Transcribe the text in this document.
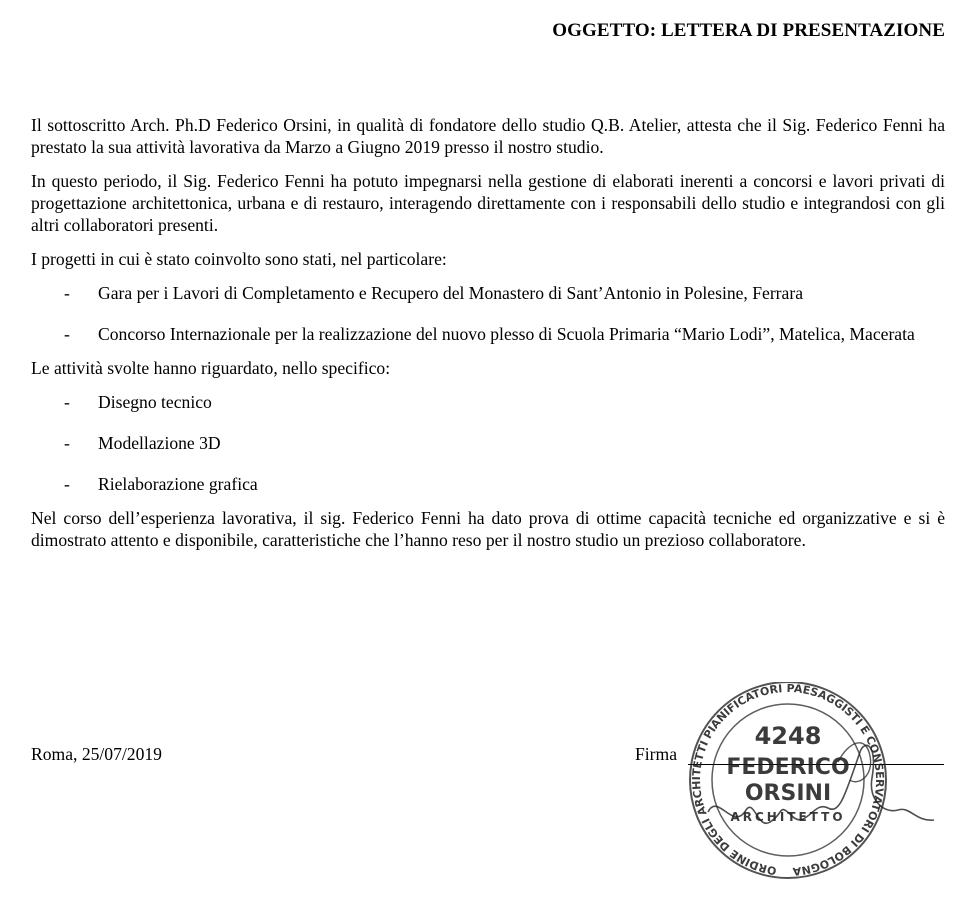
OGGETTO: LETTERA DI PRESENTAZIONE

Il sottoscritto Arch. Ph.D Federico Orsini, in qualità di fondatore dello studio Q.B. Atelier, attesta che il Sig. Federico Fenni ha prestato la sua attività lavorativa da Marzo a Giugno 2019 presso il nostro studio.

In questo periodo, il Sig. Federico Fenni ha potuto impegnarsi nella gestione di elaborati inerenti a concorsi e lavori privati di progettazione architettonica, urbana e di restauro, interagendo direttamente con i responsabili dello studio e integrandosi con gli altri collaboratori presenti.

I progetti in cui è stato coinvolto sono stati, nel particolare:

- Gara per i Lavori di Completamento e Recupero del Monastero di Sant’Antonio in Polesine, Ferrara
- Concorso Internazionale per la realizzazione del nuovo plesso di Scuola Primaria “Mario Lodi”, Matelica, Macerata

Le attività svolte hanno riguardato, nello specifico:

- Disegno tecnico
- Modellazione 3D
- Rielaborazione grafica

Nel corso dell’esperienza lavorativa, il sig. Federico Fenni ha dato prova di ottime capacità tecniche ed organizzative e si è dimostrato attento e disponibile, caratteristiche che l’hanno reso per il nostro studio un prezioso collaboratore.

Roma, 25/07/2019	Firma
ORDINE DEGLI ARCHITETTI PIANIFICATORI PAESAGGISTI E CONSERVATORI DI BOLOGNA
4248
FEDERICO
ORSINI
ARCHITETTO
